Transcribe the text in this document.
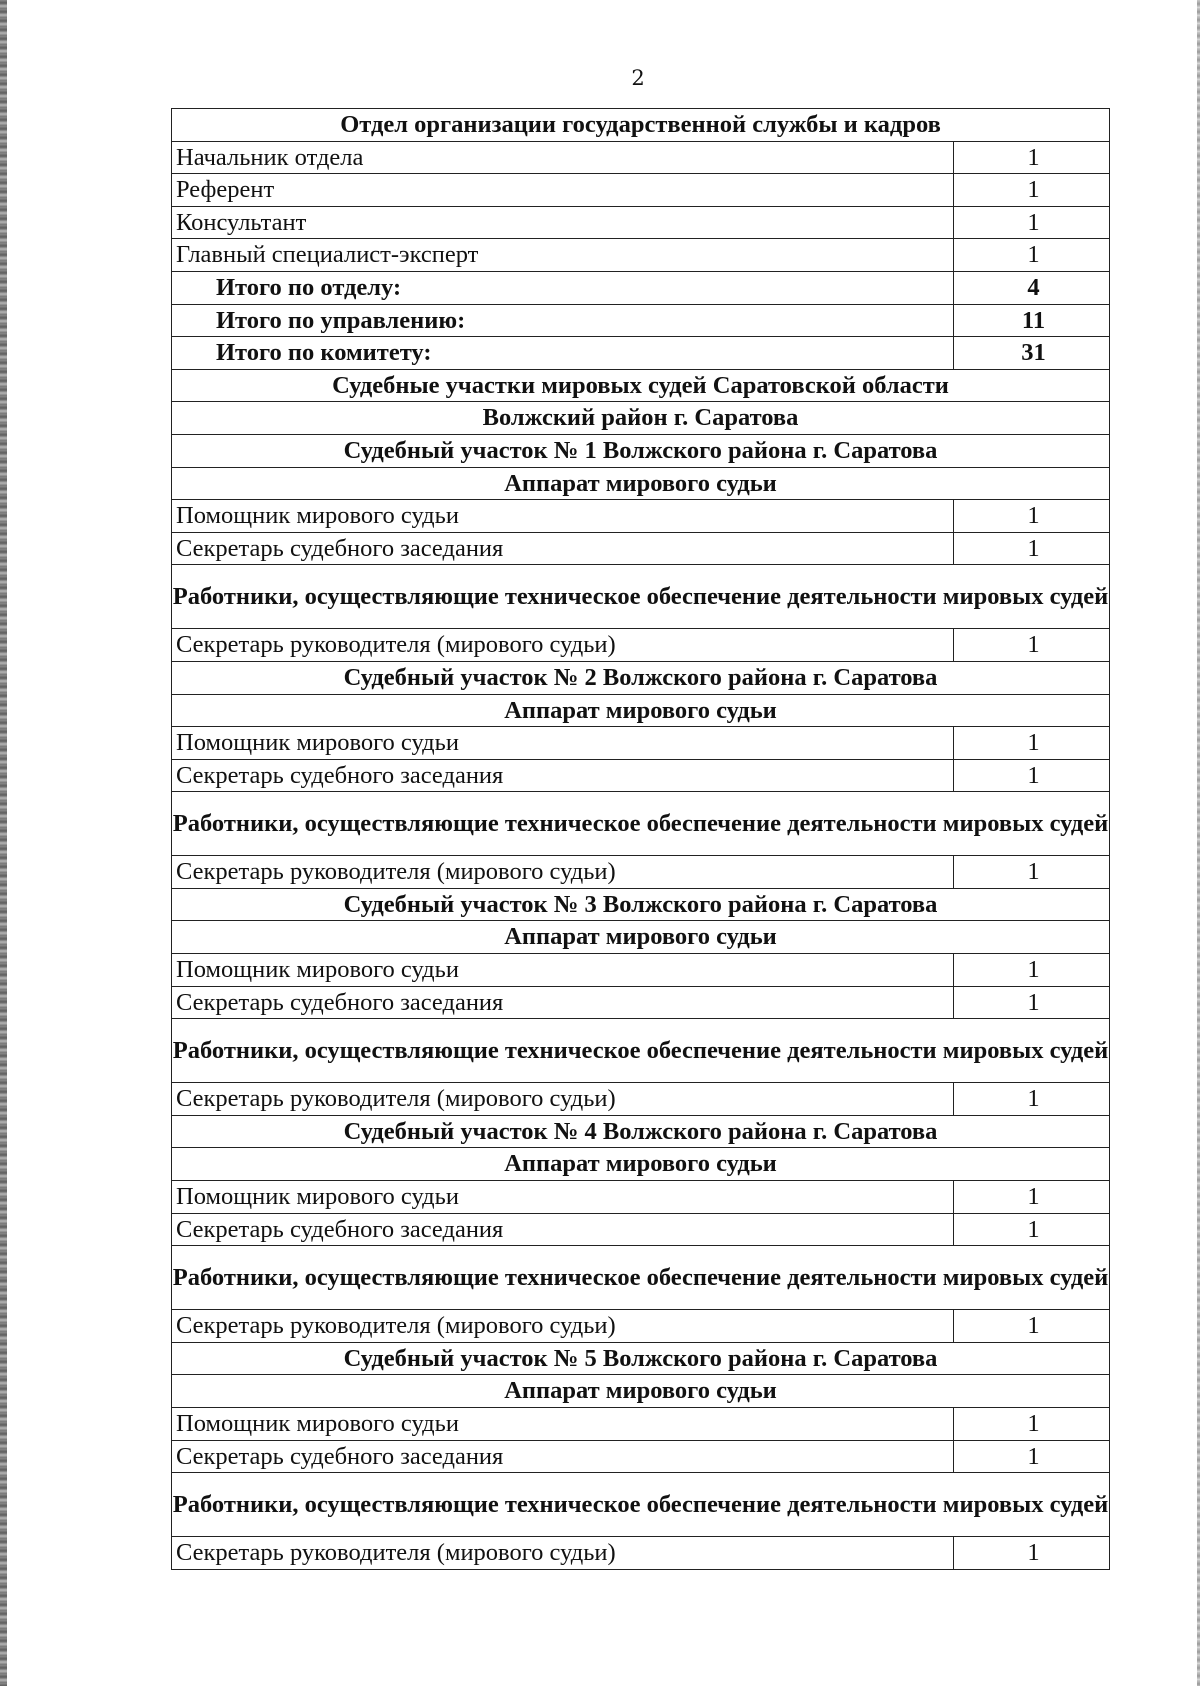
2
Отдел организации государственной службы и кадров	
Начальник отдела	1
Референт	1
Консультант	1
Главный специалист-эксперт	1
Итого по отделу:	4
Итого по управлению:	11
Итого по комитету:	31
Судебные участки мировых судей Саратовской области	
Волжский район г. Саратова	
Судебный участок № 1 Волжского района г. Саратова	
Аппарат мирового судьи	
Помощник мирового судьи	1
Секретарь судебного заседания	1
Работники, осуществляющие техническое обеспечение деятельности мировых судей	
Секретарь руководителя (мирового судьи)	1
Судебный участок № 2 Волжского района г. Саратова	
Аппарат мирового судьи	
Помощник мирового судьи	1
Секретарь судебного заседания	1
Работники, осуществляющие техническое обеспечение деятельности мировых судей	
Секретарь руководителя (мирового судьи)	1
Судебный участок № 3 Волжского района г. Саратова	
Аппарат мирового судьи	
Помощник мирового судьи	1
Секретарь судебного заседания	1
Работники, осуществляющие техническое обеспечение деятельности мировых судей	
Секретарь руководителя (мирового судьи)	1
Судебный участок № 4 Волжского района г. Саратова	
Аппарат мирового судьи	
Помощник мирового судьи	1
Секретарь судебного заседания	1
Работники, осуществляющие техническое обеспечение деятельности мировых судей	
Секретарь руководителя (мирового судьи)	1
Судебный участок № 5 Волжского района г. Саратова	
Аппарат мирового судьи	
Помощник мирового судьи	1
Секретарь судебного заседания	1
Работники, осуществляющие техническое обеспечение деятельности мировых судей	
Секретарь руководителя (мирового судьи)	1
